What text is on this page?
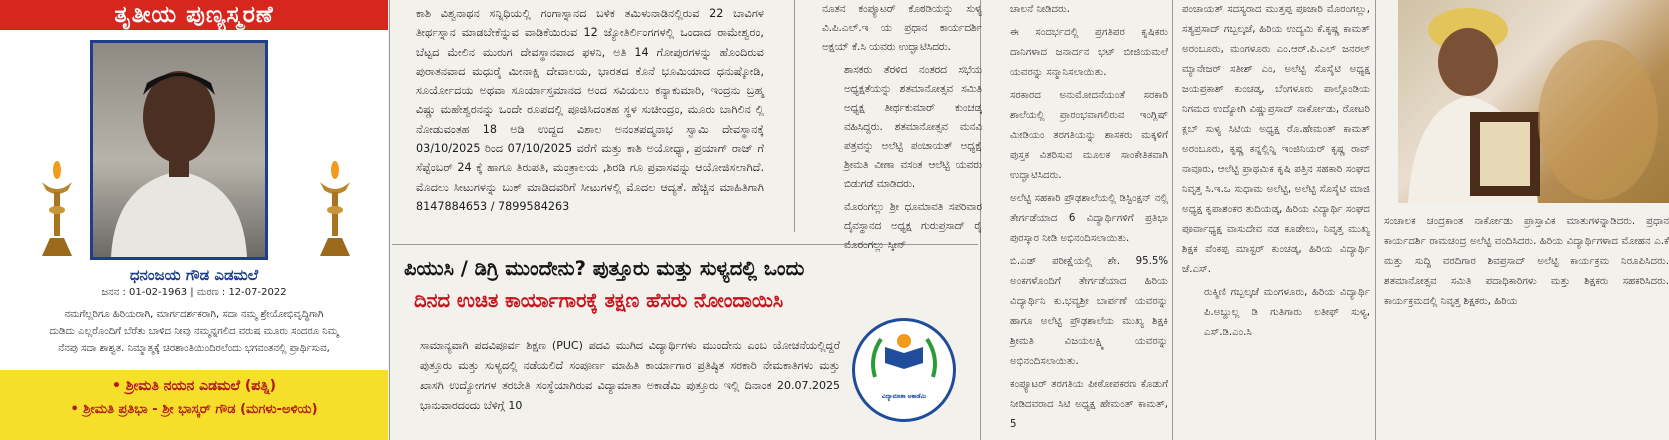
ತೃತೀಯ ಪುಣ್ಯಸ್ಮರಣೆ
ಧನಂಜಯ ಗೌಡ ಎಡಮಲೆ
ಜನನ : 01-02-1963 | ಮರಣ : 12-07-2022
ನಮಗೆಲ್ಲರಿಗೂ ಹಿರಿಯರಾಗಿ, ಮಾರ್ಗದರ್ಶಕರಾಗಿ, ಸದಾ ನಮ್ಮ ಶ್ರೇಯೋಭಿವೃದ್ಧಿಗಾಗಿ
ದುಡಿದು ಎಲ್ಲರೊಂದಿಗೆ ಬೆರೆತು ಬಾಳಿದ ನೀವು ನಮ್ಮನ್ನಗಲಿದ ವರುಷ ಮೂರು ಸಂದರೂ ನಿಮ್ಮ
ನೆನಪು ಸದಾ ಶಾಶ್ವತ. ನಿಮ್ಮಾತ್ಮಕ್ಕೆ ಚಿರಶಾಂತಿಯಿಂದಿರಲೆಂದು ಭಗವಂತನಲ್ಲಿ ಪ್ರಾರ್ಥಿಸುವ,
• ಶ್ರೀಮತಿ ನಯನ ಎಡಮಲೆ (ಪತ್ನಿ)
• ಶ್ರೀಮತಿ ಪ್ರತಿಭಾ - ಶ್ರೀ ಭಾಸ್ಕರ್ ಗೌಡ (ಮಗಳು-ಅಳಿಯ)

ಕಾಶಿ ವಿಶ್ವನಾಥನ ಸನ್ನಿಧಿಯಲ್ಲಿ ಗಂಗಾಸ್ನಾನದ ಬಳಿಕ ತಮಿಳುನಾಡಿನಲ್ಲಿರುವ 22 ಬಾವಿಗಳ ತೀರ್ಥಸ್ನಾನ ಮಾಡಬೇಕೆನ್ನುವ ವಾಡಿಕೆಯಿರುವ 12 ಜ್ಯೋತಿರ್ಲಿಂಗಗಳಲ್ಲಿ ಒಂದಾದ ರಾಮೇಶ್ವರಂ, ಬೆಟ್ಟದ ಮೇಲಿನ ಮುರುಗ ದೇವಸ್ಥಾನವಾದ ಫಳನಿ, ಅತಿ 14 ಗೋಪುರಗಳನ್ನು ಹೊಂದಿರುವ ಪುರಾತನವಾದ ಮಧುರೈ ಮೀನಾಕ್ಷಿ ದೇವಾಲಯ, ಭಾರತದ ಕೊನೆ ಭೂಮಿಯಾದ ಧನುಷ್ಕೋಡಿ, ಸೂರ್ಯೋದಯ ಅಥವಾ ಸೂರ್ಯಾಸ್ತಮಾನದ ಅಂದ ಸವಿಯಲು ಕನ್ಯಾಕುಮಾರಿ, ಇಂದ್ರನು ಬ್ರಹ್ಮ ವಿಷ್ಣು ಮಹೇಶ್ವರನನ್ನು ಒಂದೇ ರೂಪದಲ್ಲಿ ಪೂಜಿಸಿದಂತಹ ಸ್ಥಳ ಸುಚೀಂದ್ರಂ, ಮೂರು ಬಾಗಿಲಿನ ಲ್ಲಿ ನೋಡುವಂತಹ 18 ಅಡಿ ಉದ್ದದ ವಿಶಾಲ ಅನಂತಪದ್ಮನಾಭ ಸ್ವಾಮಿ ದೇವಸ್ಥಾನಕ್ಕೆ 03/10/2025 ರಿಂದ 07/10/2025 ವರೆಗೆ ಮತ್ತು ಕಾಶಿ ಅಯೋಧ್ಯಾ, ಪ್ರಯಾಗ್ ರಾಜ್ ಗೆ ಸೆಪ್ಟೆಂಬರ್ 24 ಕ್ಕೆ ಹಾಗೂ ತಿರುಪತಿ, ಮಂತ್ರಾಲಯ ,ಶಿರಡಿ ಗೂ ಪ್ರವಾಸವನ್ನು ಆಯೋಜಿಸಲಾಗಿದೆ. ಮೊದಲು ಸೀಟುಗಳನ್ನು ಬುಕ್ ಮಾಡಿದವರಿಗೆ ಸೀಟುಗಳಲ್ಲಿ ಮೊದಲ ಆದ್ಯತೆ. ಹೆಚ್ಚಿನ ಮಾಹಿತಿಗಾಗಿ 8147884653 / 7899584263

ಪಿಯುಸಿ / ಡಿಗ್ರಿ ಮುಂದೇನು? ಪುತ್ತೂರು ಮತ್ತು ಸುಳ್ಯದಲ್ಲಿ ಒಂದು
ದಿನದ ಉಚಿತ ಕಾರ್ಯಾಗಾರಕ್ಕೆ ತಕ್ಷಣ ಹೆಸರು ನೋಂದಾಯಿಸಿ

ಸಾಮಾನ್ಯವಾಗಿ ಪದವಿಪೂರ್ವ ಶಿಕ್ಷಣ (PUC) ಪದವಿ ಮುಗಿದ ವಿದ್ಯಾರ್ಥಿಗಳು ಮುಂದೇನು ಎಂಬ ಯೋಚನೆಯಲ್ಲಿದ್ದರೆ ಪುತ್ತೂರು ಮತ್ತು ಸುಳ್ಯದಲ್ಲಿ ನಡೆಯಲಿದೆ ಸಂಪೂರ್ಣ ಮಾಹಿತಿ ಕಾರ್ಯಾಗಾರ ಪ್ರತಿಷ್ಠಿತ ಸರಕಾರಿ ನೇಮಕಾತಿಗಳು ಮತ್ತು ಖಾಸಗಿ ಉದ್ಯೋಗಗಳ ತರಬೇತಿ ಸಂಸ್ಥೆಯಾಗಿರುವ ವಿದ್ಯಾಮಾತಾ ಅಕಾಡೆಮಿ ಪುತ್ತೂರು ಇಲ್ಲಿ ದಿನಾಂಕ 20.07.2025 ಭಾನುವಾರದಂದು ಬೆಳಿಗ್ಗೆ 10

ವಿದ್ಯಾಮಾತಾ ಅಕಾಡೆಮಿ

ನೂತನ ಕಂಪ್ಯೂಟರ್ ಕೊಠಡಿಯನ್ನು ಸುಳ್ಯ ವಿ.ಪಿ.ಎಲ್.ಇ ಯ ಪ್ರಧಾನ ಕಾರ್ಯದರ್ಶಿ ಅಕ್ಷಯ್ ಕೆ.ಸಿ ಯವರು ಉದ್ಘಾಟಿಸಿದರು.

ಶಾಸಕರು ತೆರಳಿದ ನಂತರದ ಸಭೆಯ ಅಧ್ಯಕ್ಷತೆಯನ್ನು ಶತಮಾನೋತ್ಸವ ಸಮಿತಿ ಅಧ್ಯಕ್ಷ ತೀರ್ಥಕುಮಾರ್ ಕುಂಚಡ್ಕ ವಹಿಸಿದ್ದರು. ಶತಮಾನೋತ್ಸವ ಮನವಿ ಪತ್ರವನ್ನು ಅಲೆಟ್ಟಿ ಪಂಚಾಯತ್ ಅಧ್ಯಕ್ಷೆ ಶ್ರೀಮತಿ ವೀಣಾ ವಸಂತ ಆಲೆಟ್ಟಿ ಯವರು ಬಿಡುಗಡೆ ಮಾಡಿದರು.

ಮೊರಂಗಲ್ಲು ಶ್ರೀ ಧೂಮಾವತಿ ಸಪರಿವಾರ ದೈವಸ್ಥಾನದ ಅಧ್ಯಕ್ಷ ಗುರುಪ್ರಸಾದ್ ರೈ ಮೊರಂಗಲ್ಲು ಸ್ಕೀನ್

ಚಾಲನೆ ನೀಡಿದರು.

ಈ ಸಂದರ್ಭದಲ್ಲಿ ಪ್ರಗತಿಪರ ಕೃಷಿಕರು ದಾನಿಗಳಾದ ಜನಾರ್ದನ ಭಟ್ ಬೀಜಿಯಮಲೆ ಯವರನ್ನು ಸನ್ಮಾನಿಸಲಾಯಿತು.

ಸರಕಾರದ ಅನುಮೋದನೆಯಂತೆ ಸರಕಾರಿ ಶಾಲೆಯಲ್ಲಿ ಪ್ರಾರಂಭವಾಗಲಿರುವ ಇಂಗ್ಲಿಷ್ ಮೀಡಿಯಂ ತರಗತಿಯನ್ನು ಶಾಸಕರು ಮಕ್ಕಳಿಗೆ ಪುಸ್ತಕ ವಿತರಿಸುವ ಮೂಲಕ ಸಾಂಕೇತಿಕವಾಗಿ ಉದ್ಘಾಟಿಸಿದರು.

ಅಲೆಟ್ಟಿ ಸಹಕಾರಿ ಪ್ರೌಢಶಾಲೆಯಲ್ಲಿ ಡಿಸ್ಟಿಂಕ್ಷನ್ ನಲ್ಲಿ ತೇರ್ಗಡೆಯಾದ 6 ವಿದ್ಯಾರ್ಥಿಗಳಿಗೆ ಪ್ರತಿಭಾ ಪುರಸ್ಕಾರ ನೀಡಿ ಅಭಿನಂದಿಸಲಾಯಿತು.

ಬಿ.ಎಡ್ ಪರೀಕ್ಷೆಯಲ್ಲಿ ಶೇ. 95.5% ಅಂಕಗಳೊಂದಿಗೆ ತೇರ್ಗಡೆಯಾದ ಹಿರಿಯ ವಿದ್ಯಾರ್ಥಿನಿ ಕು.ಭವ್ಯಶ್ರೀ ಬಾರ್ಪಣೆ ಯವರನ್ನು ಹಾಗೂ ಅಲೆಟ್ಟಿ ಪ್ರೌಢಶಾಲೆಯ ಮುಖ್ಯ ಶಿಕ್ಷಕಿ ಶ್ರೀಮತಿ ವಿಜಯಲಕ್ಷ್ಮಿ ಯವರನ್ನು ಅಭಿನಂದಿಸಲಾಯಿತು.

ಕಂಪ್ಯೂಟರ್ ತರಗತಿಯ ಪೀಠೋಪಕರಣ ಕೊಡುಗೆ ನೀಡಿದವರಾದ ಸಿಟಿ ಅಧ್ಯಕ್ಷ ಹೇಮಂತ್ ಕಾಮತ್, 5

ಪಂಚಾಯತ್ ಸದಸ್ಯರಾದ ಮುತ್ತಪ್ಪ ಪೂಜಾರಿ ಮೊರಂಗಲ್ಲು, ಸತ್ಯಪ್ರಸಾದ್ ಗಬ್ಬಲ್ಕಜೆ, ಹಿರಿಯ ಉದ್ಯಮಿ ಕೆ.ಕೃಷ್ಣ ಕಾಮತ್ ಅರಂಬೂರು, ಮಂಗಳೂರು ಎಂ.ಆರ್.ಪಿ.ಎಲ್ ಜನರಲ್ ಮ್ಯಾನೇಜರ್ ಸತೀಶ್ ಎಂ, ಅಲೆಟ್ಟಿ ಸೊಸೈಟಿ ಅಧ್ಯಕ್ಷ ಜಯಪ್ರಕಾಶ್ ಕುಂಚಡ್ಕ, ಬೆಂಗಳೂರು ಪಾಲ್ಗೊಂಡಿಯ ನಿಗಮದ ಉದ್ಯೋಗಿ ವಿಷ್ಣುಪ್ರಸಾದ್ ನಾರ್ಕೋಡು, ರೋಟರಿ ಕ್ಲಬ್ ಸುಳ್ಯ ಸಿಟಿಯ ಅಧ್ಯಕ್ಷ ರೊ.ಹೇಮಂತ್ ಕಾಮತ್ ಅರಂಬೂರು, ಕೃಷ್ಣ ಕನ್ನಲ್ಲಿನ್ನಿ ಇಂಜಿನಿಯರ್ ಕೃಷ್ಣ ರಾವ್ ನಾವೂರು, ಆಲೆಟ್ಟಿ ಪ್ರಾಥಮಿಕ ಕೃಷಿ ಪತ್ತಿನ ಸಹಕಾರಿ ಸಂಘದ ನಿವೃತ್ತ ಸಿ.ಇ.ಒ ಸುಧಾಮ ಅಲೆಟ್ಟಿ, ಅಲೆಟ್ಟಿ ಸೊಸೈಟಿ ಮಾಜಿ ಅಧ್ಯಕ್ಷ ಕೃಪಾಶಂಕರ ತುದಿಯಡ್ಕ, ಹಿರಿಯ ವಿದ್ಯಾರ್ಥಿ ಸಂಘದ ಪೂರ್ವಾಧ್ಯಕ್ಷ ವಾಸುದೇವ ನಡ ಕೂಡೇಲು, ನಿವೃತ್ತ ಮುಖ್ಯ ಶಿಕ್ಷಕ ವೆಂಕಪ್ಪ ಮಾಸ್ಟರ್ ಕುಂಚಡ್ಕ, ಹಿರಿಯ ವಿದ್ಯಾರ್ಥಿ ಜೆ.ಎಸ್.

ರುಕ್ಮಿಣಿ ಗಬ್ಬಲ್ಕಜೆ ಮಂಗಳೂರು, ಹಿರಿಯ ವಿದ್ಯಾರ್ಥಿ ಪಿ.ಅಬ್ದುಲ್ಲ ಡಿ ಗುತಿಗಾರು ಲತೀಫ್ ಸುಳ್ಯ, ಎಸ್.ಡಿ.ಎಂ.ಸಿ

ಸಂಚಾಲಕ ಚಂದ್ರಕಾಂತ ನಾರ್ಕೋಡು ಪ್ರಾಸ್ತಾವಿಕ ಮಾತುಗಳನ್ನಾಡಿದರು. ಪ್ರಧಾನ ಕಾರ್ಯದರ್ಶಿ ರಾಮಚಂದ್ರ ಅಲೆಟ್ಟಿ ವಂದಿಸಿದರು. ಹಿರಿಯ ವಿದ್ಯಾರ್ಥಿಗಳಾದ ಮೋಹನ ಎ.ಕೆ ಮತ್ತು ಸುದ್ದಿ ವರದಿಗಾರ ಶಿವಪ್ರಸಾದ್ ಅಲೆಟ್ಟಿ ಕಾರ್ಯಕ್ರಮ ನಿರೂಪಿಸಿದರು. ಶತಮಾನೋತ್ಸವ ಸಮಿತಿ ಪದಾಧಿಕಾರಿಗಳು ಮತ್ತು ಶಿಕ್ಷಕರು ಸಹಕರಿಸಿದರು. ಕಾರ್ಯಕ್ರಮದಲ್ಲಿ ನಿವೃತ್ತ ಶಿಕ್ಷಕರು, ಹಿರಿಯ
